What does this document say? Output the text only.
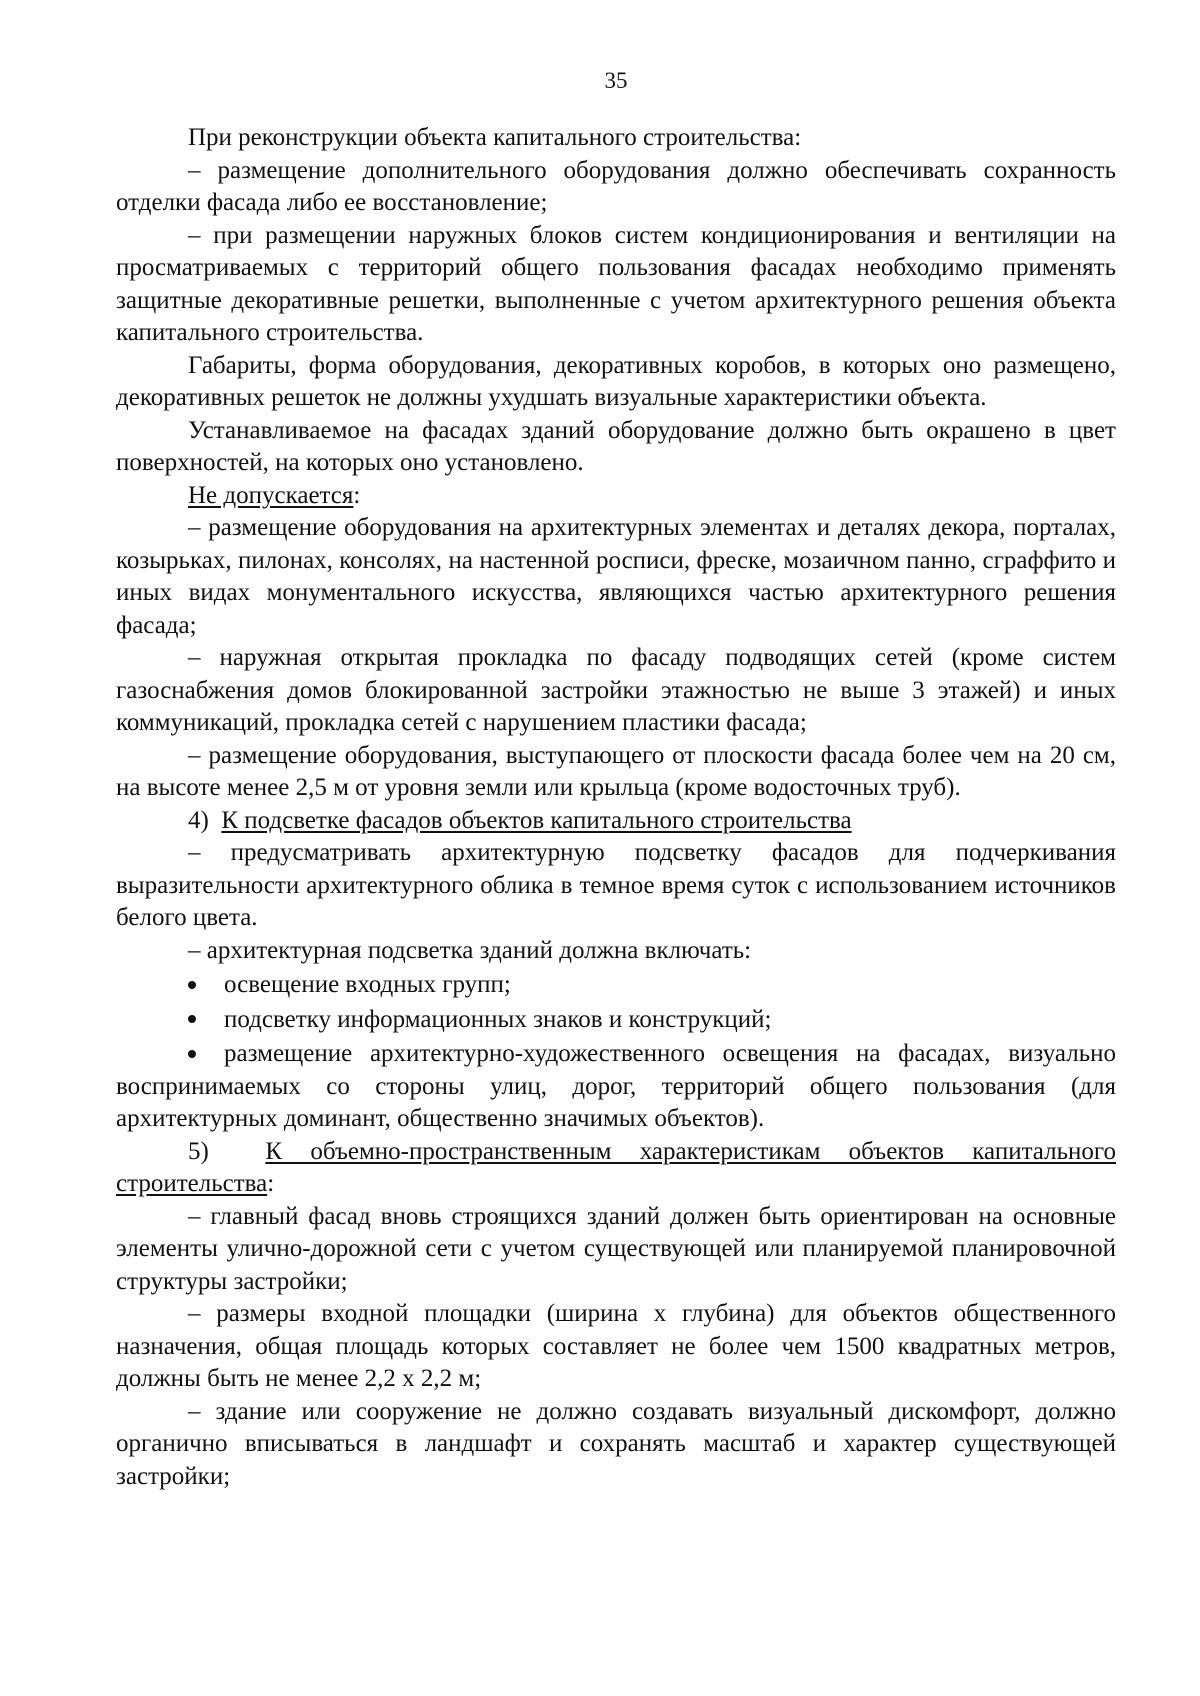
35
При реконструкции объекта капитального строительства:
– размещение дополнительного оборудования должно обеспечивать сохранность отделки фасада либо ее восстановление;
– при размещении наружных блоков систем кондиционирования и вентиляции на просматриваемых с территорий общего пользования фасадах необходимо применять защитные декоративные решетки, выполненные с учетом архитектурного решения объекта капитального строительства.
Габариты, форма оборудования, декоративных коробов, в которых оно размещено, декоративных решеток не должны ухудшать визуальные характеристики объекта.
Устанавливаемое на фасадах зданий оборудование должно быть окрашено в цвет поверхностей, на которых оно установлено.
Не допускается:
– размещение оборудования на архитектурных элементах и деталях декора, порталах, козырьках, пилонах, консолях, на настенной росписи, фреске, мозаичном панно, сграффито и иных видах монументального искусства, являющихся частью архитектурного решения фасада;
– наружная открытая прокладка по фасаду подводящих сетей (кроме систем газоснабжения домов блокированной застройки этажностью не выше 3 этажей) и иных коммуникаций, прокладка сетей с нарушением пластики фасада;
– размещение оборудования, выступающего от плоскости фасада более чем на 20 см, на высоте менее 2,5 м от уровня земли или крыльца (кроме водосточных труб).
4) К подсветке фасадов объектов капитального строительства
– предусматривать архитектурную подсветку фасадов для подчеркивания выразительности архитектурного облика в темное время суток с использованием источников белого цвета.
– архитектурная подсветка зданий должна включать:
освещение входных групп;
подсветку информационных знаков и конструкций;
размещение архитектурно-художественного освещения на фасадах, визуально воспринимаемых со стороны улиц, дорог, территорий общего пользования (для архитектурных доминант, общественно значимых объектов).
5) К объемно-пространственным характеристикам объектов капитального строительства:
– главный фасад вновь строящихся зданий должен быть ориентирован на основные элементы улично-дорожной сети с учетом существующей или планируемой планировочной структуры застройки;
– размеры входной площадки (ширина х глубина) для объектов общественного назначения, общая площадь которых составляет не более чем 1500 квадратных метров, должны быть не менее 2,2 х 2,2 м;
– здание или сооружение не должно создавать визуальный дискомфорт, должно органично вписываться в ландшафт и сохранять масштаб и характер существующей застройки;
